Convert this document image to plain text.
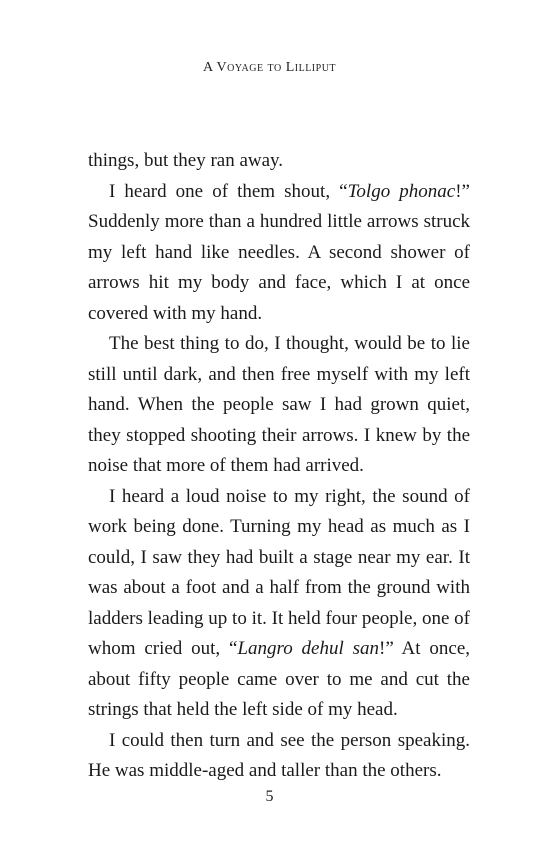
A Voyage to Lilliput

things, but they ran away.

I heard one of them shout, “Tolgo phonac!” Suddenly more than a hundred little arrows struck my left hand like needles. A second shower of arrows hit my body and face, which I at once covered with my hand.

The best thing to do, I thought, would be to lie still until dark, and then free myself with my left hand. When the people saw I had grown quiet, they stopped shooting their arrows. I knew by the noise that more of them had arrived.

I heard a loud noise to my right, the sound of work being done. Turning my head as much as I could, I saw they had built a stage near my ear. It was about a foot and a half from the ground with ladders leading up to it. It held four people, one of whom cried out, “Langro dehul san!” At once, about fifty people came over to me and cut the strings that held the left side of my head.

I could then turn and see the person speaking. He was middle-aged and taller than the others.

5
